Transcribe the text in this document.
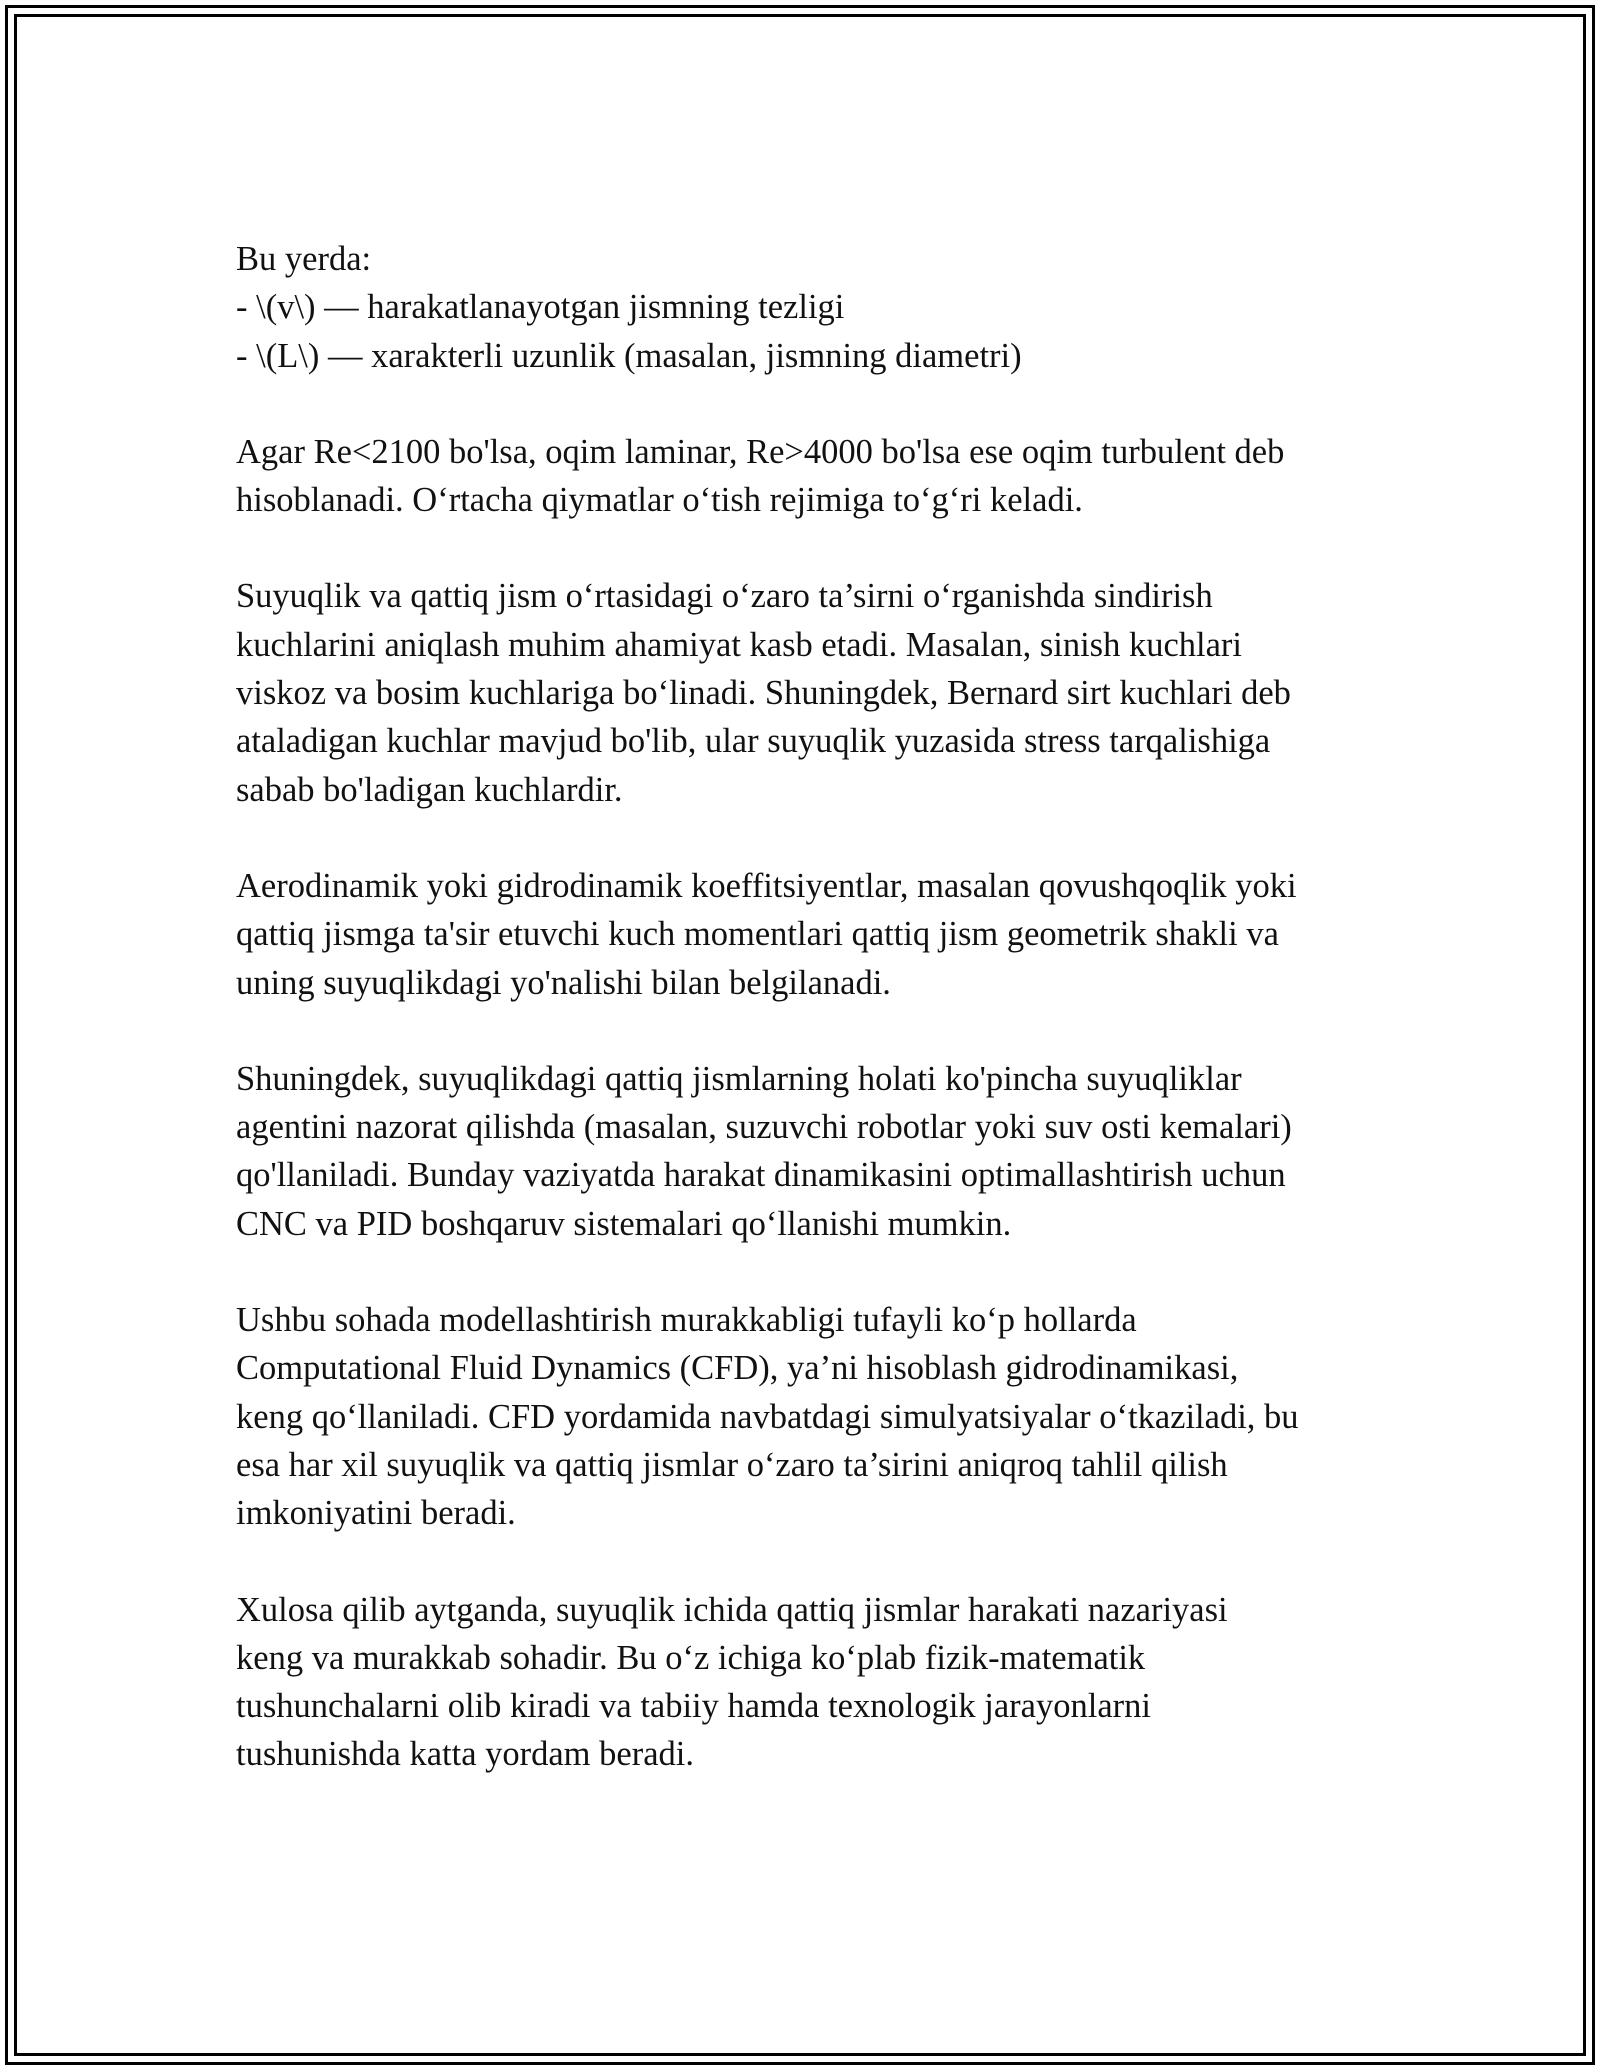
Bu yerda:
- \(v\) — harakatlanayotgan jismning tezligi
- \(L\) — xarakterli uzunlik (masalan, jismning diametri)
Agar Re<2100 bo'lsa, oqim laminar, Re>4000 bo'lsa ese oqim turbulent deb
hisoblanadi. O‘rtacha qiymatlar o‘tish rejimiga to‘g‘ri keladi.
Suyuqlik va qattiq jism o‘rtasidagi o‘zaro ta’sirni o‘rganishda sindirish
kuchlarini aniqlash muhim ahamiyat kasb etadi. Masalan, sinish kuchlari
viskoz va bosim kuchlariga bo‘linadi. Shuningdek, Bernard sirt kuchlari deb
ataladigan kuchlar mavjud bo'lib, ular suyuqlik yuzasida stress tarqalishiga
sabab bo'ladigan kuchlardir.
Aerodinamik yoki gidrodinamik koeffitsiyentlar, masalan qovushqoqlik yoki
qattiq jismga ta'sir etuvchi kuch momentlari qattiq jism geometrik shakli va
uning suyuqlikdagi yo'nalishi bilan belgilanadi.
Shuningdek, suyuqlikdagi qattiq jismlarning holati ko'pincha suyuqliklar
agentini nazorat qilishda (masalan, suzuvchi robotlar yoki suv osti kemalari)
qo'llaniladi. Bunday vaziyatda harakat dinamikasini optimallashtirish uchun
CNC va PID boshqaruv sistemalari qo‘llanishi mumkin.
Ushbu sohada modellashtirish murakkabligi tufayli ko‘p hollarda
Computational Fluid Dynamics (CFD), ya’ni hisoblash gidrodinamikasi,
keng qo‘llaniladi. CFD yordamida navbatdagi simulyatsiyalar o‘tkaziladi, bu
esa har xil suyuqlik va qattiq jismlar o‘zaro ta’sirini aniqroq tahlil qilish
imkoniyatini beradi.
Xulosa qilib aytganda, suyuqlik ichida qattiq jismlar harakati nazariyasi
keng va murakkab sohadir. Bu o‘z ichiga ko‘plab fizik-matematik
tushunchalarni olib kiradi va tabiiy hamda texnologik jarayonlarni
tushunishda katta yordam beradi.
